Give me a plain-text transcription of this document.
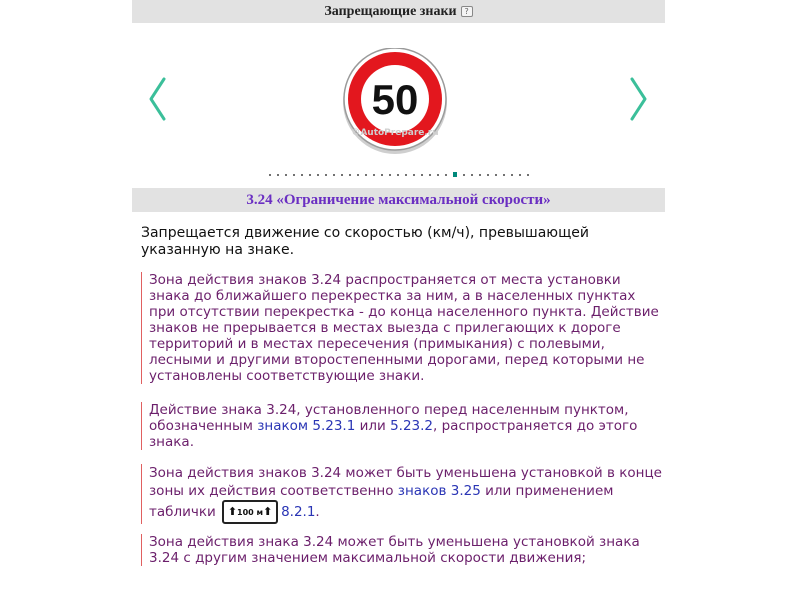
Запрещающие знаки ?
50
©AutoPrepare.ru
3.24 «Ограничение максимальной скорости»
Запрещается движение со скоростью (км/ч), превышающей указанную на знаке.
Зона действия знаков 3.24 распространяется от места установки знака до ближайшего перекрестка за ним, а в населенных пунктах при отсутствии перекрестка - до конца населенного пункта. Действие знаков не прерывается в местах выезда с прилегающих к дороге территорий и в местах пересечения (примыкания) с полевыми, лесными и другими второстепенными дорогами, перед которыми не установлены соответствующие знаки.
Действие знака 3.24, установленного перед населенным пунктом, обозначенным знаком 5.23.1 или 5.23.2, распространяется до этого знака.
Зона действия знаков 3.24 может быть уменьшена установкой в конце зоны их действия соответственно знаков 3.25 или применением таблички ⬆100 м⬆ 8.2.1.
Зона действия знака 3.24 может быть уменьшена установкой знака 3.24 с другим значением максимальной скорости движения;
